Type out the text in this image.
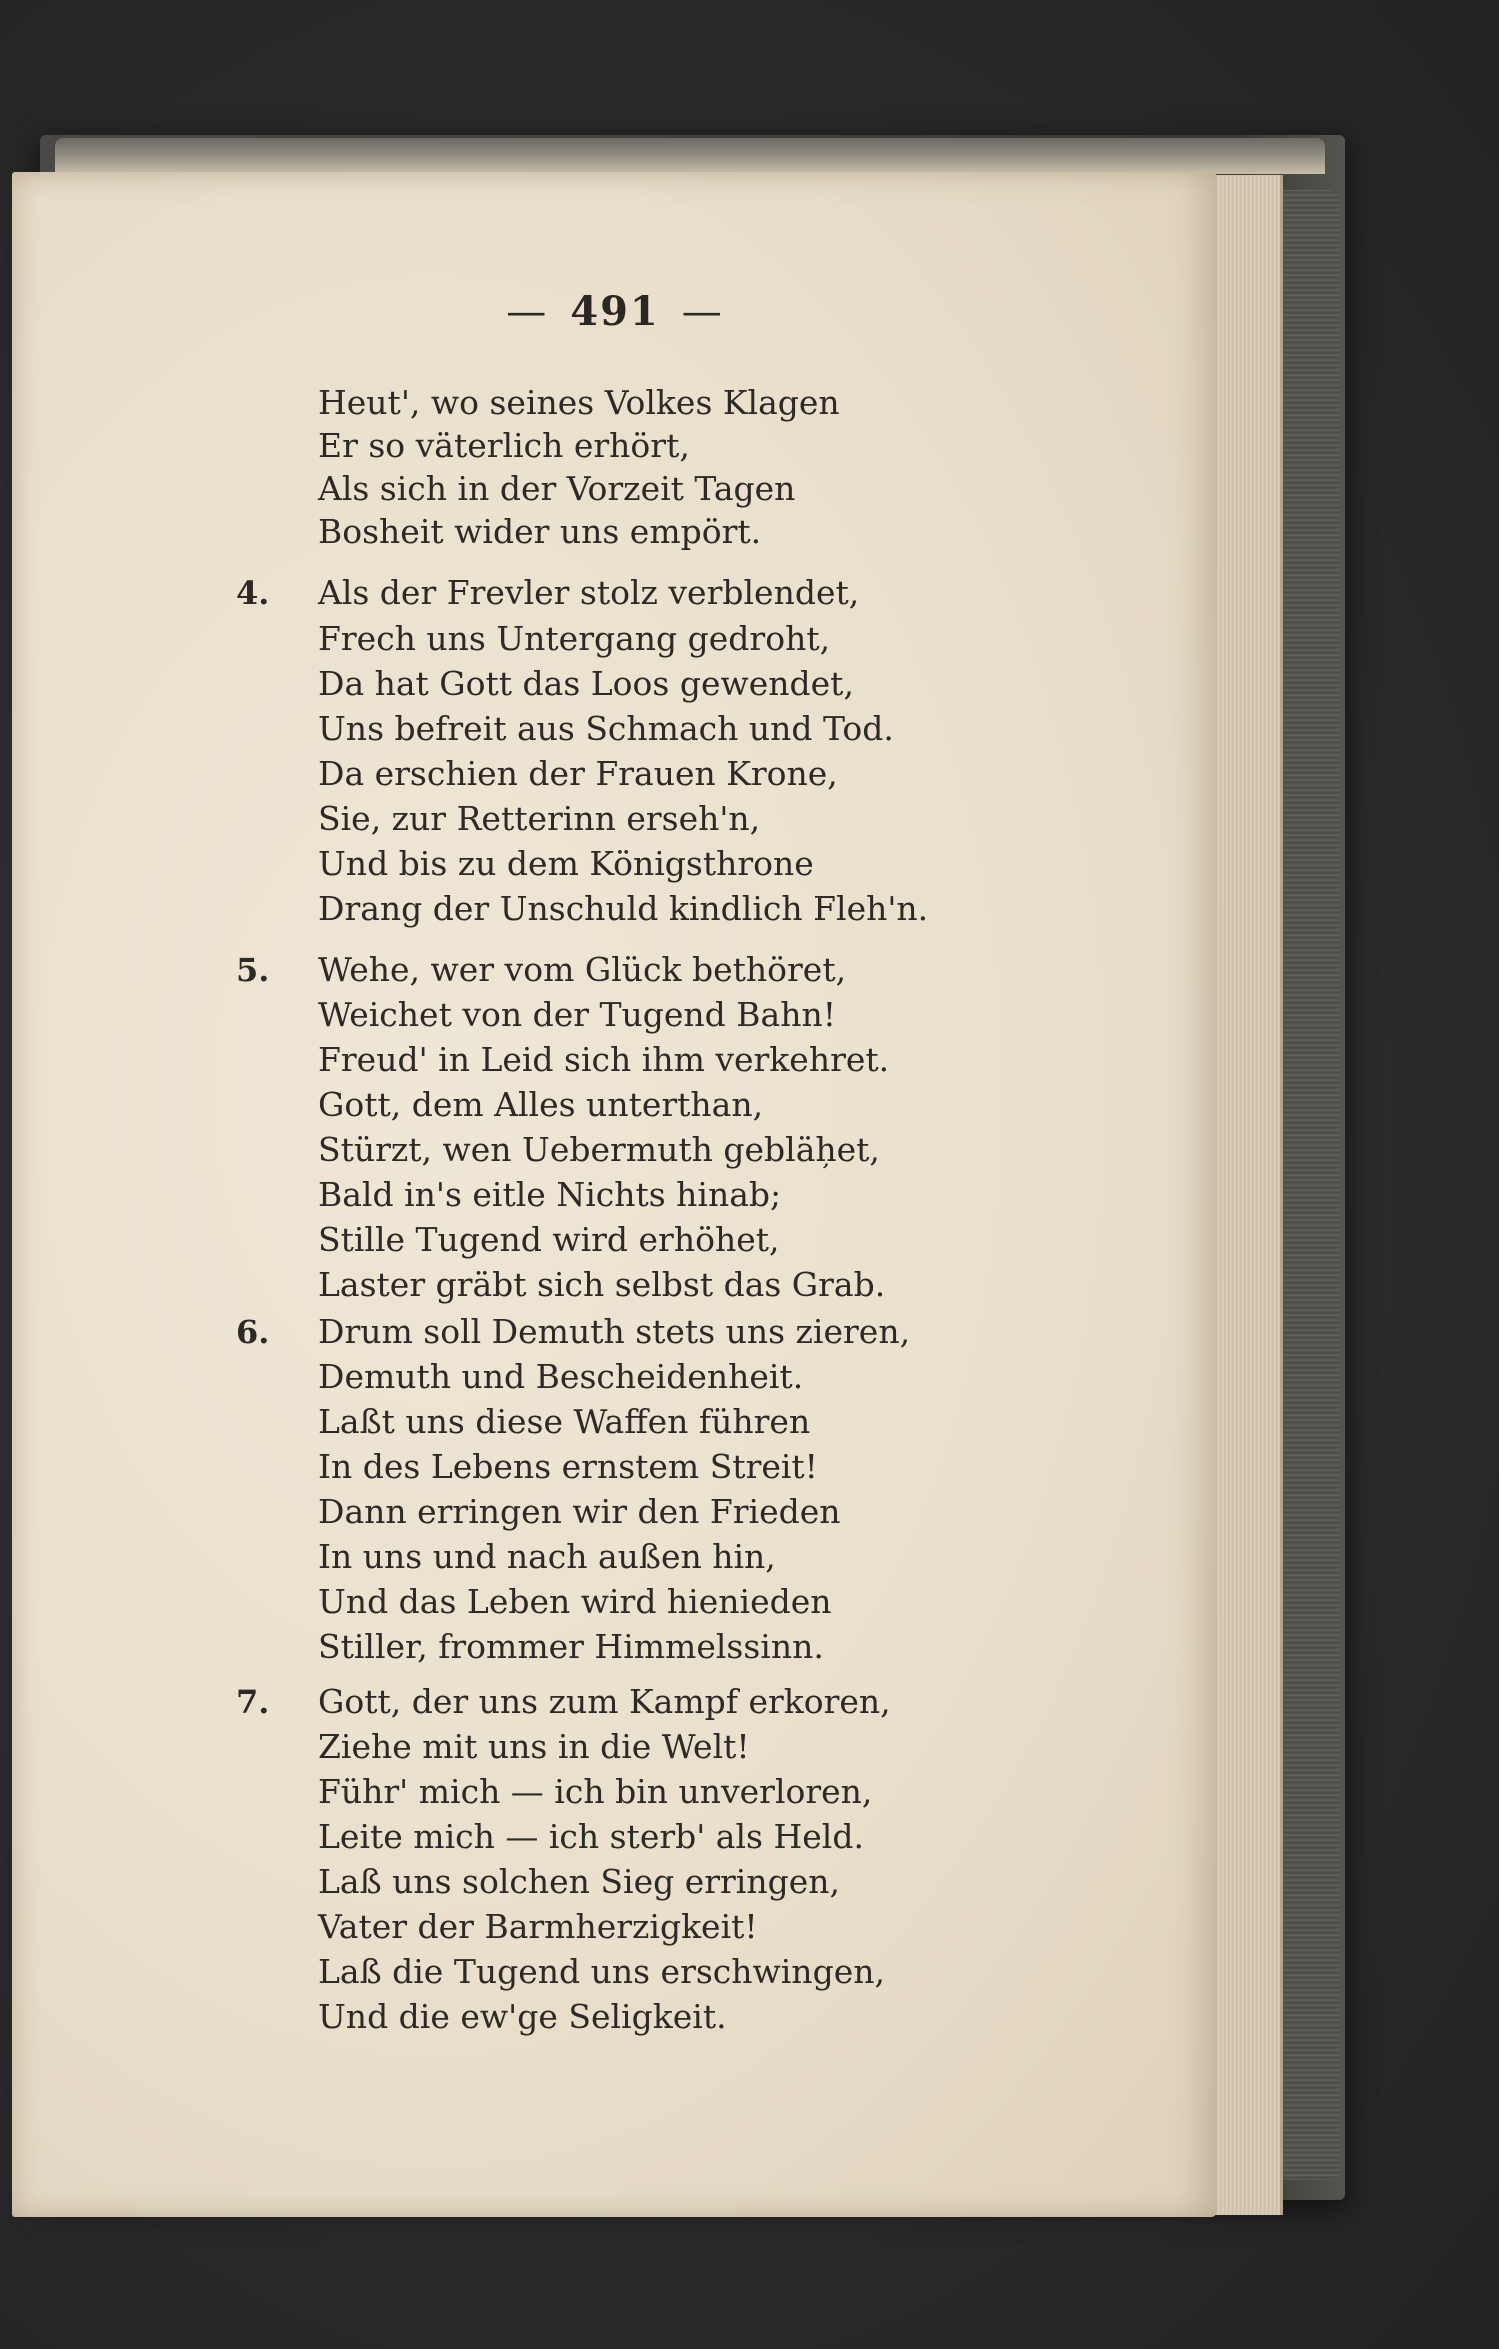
— 491 —
Heut', wo seines Volkes Klagen
Er so väterlich erhört,
Als sich in der Vorzeit Tagen
Bosheit wider uns empört.
4. Als der Frevler stolz verblendet,
Frech uns Untergang gedroht,
Da hat Gott das Loos gewendet,
Uns befreit aus Schmach und Tod.
Da erschien der Frauen Krone,
Sie, zur Retterinn erseh'n,
Und bis zu dem Königsthrone
Drang der Unschuld kindlich Fleh'n.
5. Wehe, wer vom Glück bethöret,
Weichet von der Tugend Bahn!
Freud' in Leid sich ihm verkehret.
Gott, dem Alles unterthan,
Stürzt, wen Uebermuth gebläh̦et,
Bald in's eitle Nichts hinab;
Stille Tugend wird erhöhet,
Laster gräbt sich selbst das Grab.
6. Drum soll Demuth stets uns zieren,
Demuth und Bescheidenheit.
Laßt uns diese Waffen führen
In des Lebens ernstem Streit!
Dann erringen wir den Frieden
In uns und nach außen hin,
Und das Leben wird hienieden
Stiller, frommer Himmelssinn.
7. Gott, der uns zum Kampf erkoren,
Ziehe mit uns in die Welt!
Führ' mich — ich bin unverloren,
Leite mich — ich sterb' als Held.
Laß uns solchen Sieg erringen,
Vater der Barmherzigkeit!
Laß die Tugend uns erschwingen,
Und die ew'ge Seligkeit.
